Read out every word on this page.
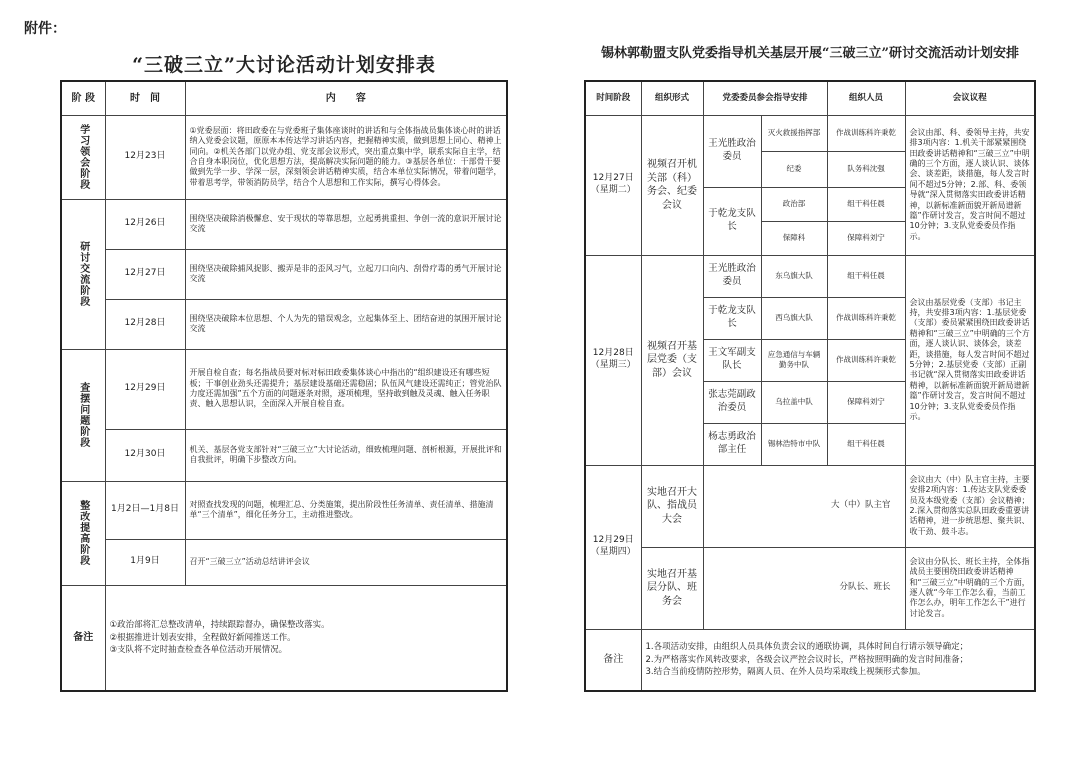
附件：
“三破三立”大讨论活动计划安排表
锡林郭勒盟支队党委指导机关基层开展“三破三立”研讨交流活动计划安排
阶 段	时　间	内　　容

学习领会阶段	12月23日	①党委层面：将田政委在与党委班子集体座谈时的讲话和与全体指战员集体谈心时的讲话纳入党委会议题，原原本本传达学习讲话内容，把握精神实质，做到思想上同心、精神上同向。②机关各部门以党办组、党支部会议形式，突出重点集中学，联系实际自主学，结合自身本职岗位，优化思想方法，提高解决实际问题的能力。③基层各单位：干部骨干要做到先学一步、学深一层，深刻领会讲话精神实质，结合本单位实际情况，带着问题学，带着思考学，带领消防员学，结合个人思想和工作实际，撰写心得体会。

研讨交流阶段	12月26日	围绕坚决破除消极懈怠、安于现状的等靠思想，立起勇挑重担、争创一流的意识开展讨论交流
	12月27日	围绕坚决破除捕风捉影、搬弄是非的歪风习气，立起刀口向内、刮骨疗毒的勇气开展讨论交流
	12月28日	围绕坚决破除本位思想、个人为先的错误观念，立起集体至上、团结奋进的氛围开展讨论交流

查摆问题阶段	12月29日	开展自检自查；每名指战员要对标对标田政委集体谈心中指出的“组织建设还有哪些短板；干事创业劲头还需提升；基层建设基础还需稳固；队伍风气建设还需纯正；管党治队力度还需加强”五个方面的问题逐条对照，逐项梳理，坚持敢到触及灵魂、触入任务职责、触入思想认识，全面深入开展自检自查。
	12月30日	机关、基层各党支部针对“三破三立”大讨论活动，细致梳理问题、剖析根源，开展批评和自我批评，明确下步整改方向。

整改提高阶段	1月2日—1月8日	对照查找发现的问题，梳理汇总、分类施策，提出阶段性任务清单、责任清单、措施清单“三个清单”，细化任务分工，主动推进整改。
	1月9日	召开“三破三立”活动总结讲评会议
备注	①政治部将汇总整改清单，持续跟踪督办，确保整改落实。
②根据推进计划表安排，全程做好新闻推送工作。
③支队将不定时抽查检查各单位活动开展情况。	
时间阶段	组织形式	党委委员参会指导安排		组织人员	会议议程
12月27日（星期二）	视频召开机关部（科）务会、纪委会议	王光胜政治委员	灭火救援指挥部	作战训练科许秉乾	会议由部、科、委领导主持，共安排3项内容：1.机关干部紧紧围绕田政委讲话精神和“三破三立”中明确的三个方面，逐人谈认识、谈体会、谈差距，谈措施，每人发言时间不超过5分钟；2.部、科、委领导就“深入贯彻落实田政委讲话精神，以新标准新面貌开新局谱新篇”作研讨发言，发言时间不超过10分钟；3.支队党委委员作指示。
			纪委	队务科沈强	
		于乾龙支队长	政治部	组干科任晨	
			保障科	保障科刘宁	
12月28日（星期三）	视频召开基层党委（支部）会议	王光胜政治委员	东乌旗大队	组干科任晨	会议由基层党委（支部）书记主持，共安排3项内容：1.基层党委（支部）委员紧紧围绕田政委讲话精神和“三破三立”中明确的三个方面，逐人谈认识、谈体会，谈差距，谈措施，每人发言时间不超过5分钟；2.基层党委（支部）正副书记就“深入贯彻落实田政委讲话精神，以新标准新面貌开新局谱新篇”作研讨发言，发言时间不超过10分钟；3.支队党委委员作指示。
		于乾龙支队长	西乌旗大队	作战训练科许秉乾	
		王文军副支队长	应急通信与车辆勤务中队	作战训练科许秉乾	
		张志莞副政治委员	乌拉盖中队	保障科刘宁	
		杨志勇政治部主任	锡林浩特市中队	组干科任晨	
12月29日（星期四）	实地召开大队、指战员大会	大（中）队主官			会议由大（中）队主官主持，主要安排2项内容：1.传达支队党委委员及本级党委（支部）会议精神；2.深入贯彻落实总队田政委重要讲话精神，进一步统思想、聚共识、收干劲、鼓斗志。
	实地召开基层分队、班务会	分队长、班长			会议由分队长、班长主持，全体指战员主要围绕田政委讲话精神和“三破三立”中明确的三个方面，逐人就“今年工作怎么看，当前工作怎么办，明年工作怎么干”进行讨论发言。
备注	1.各项活动安排，由组织人员具体负责会议的通联协调，具体时间自行请示领导确定；
2.为严格落实作风转改要求，各级会议严控会议时长，严格按照明确的发言时间准备；
3.结合当前疫情防控形势，隔离人员、在外人员均采取线上视频形式参加。				
